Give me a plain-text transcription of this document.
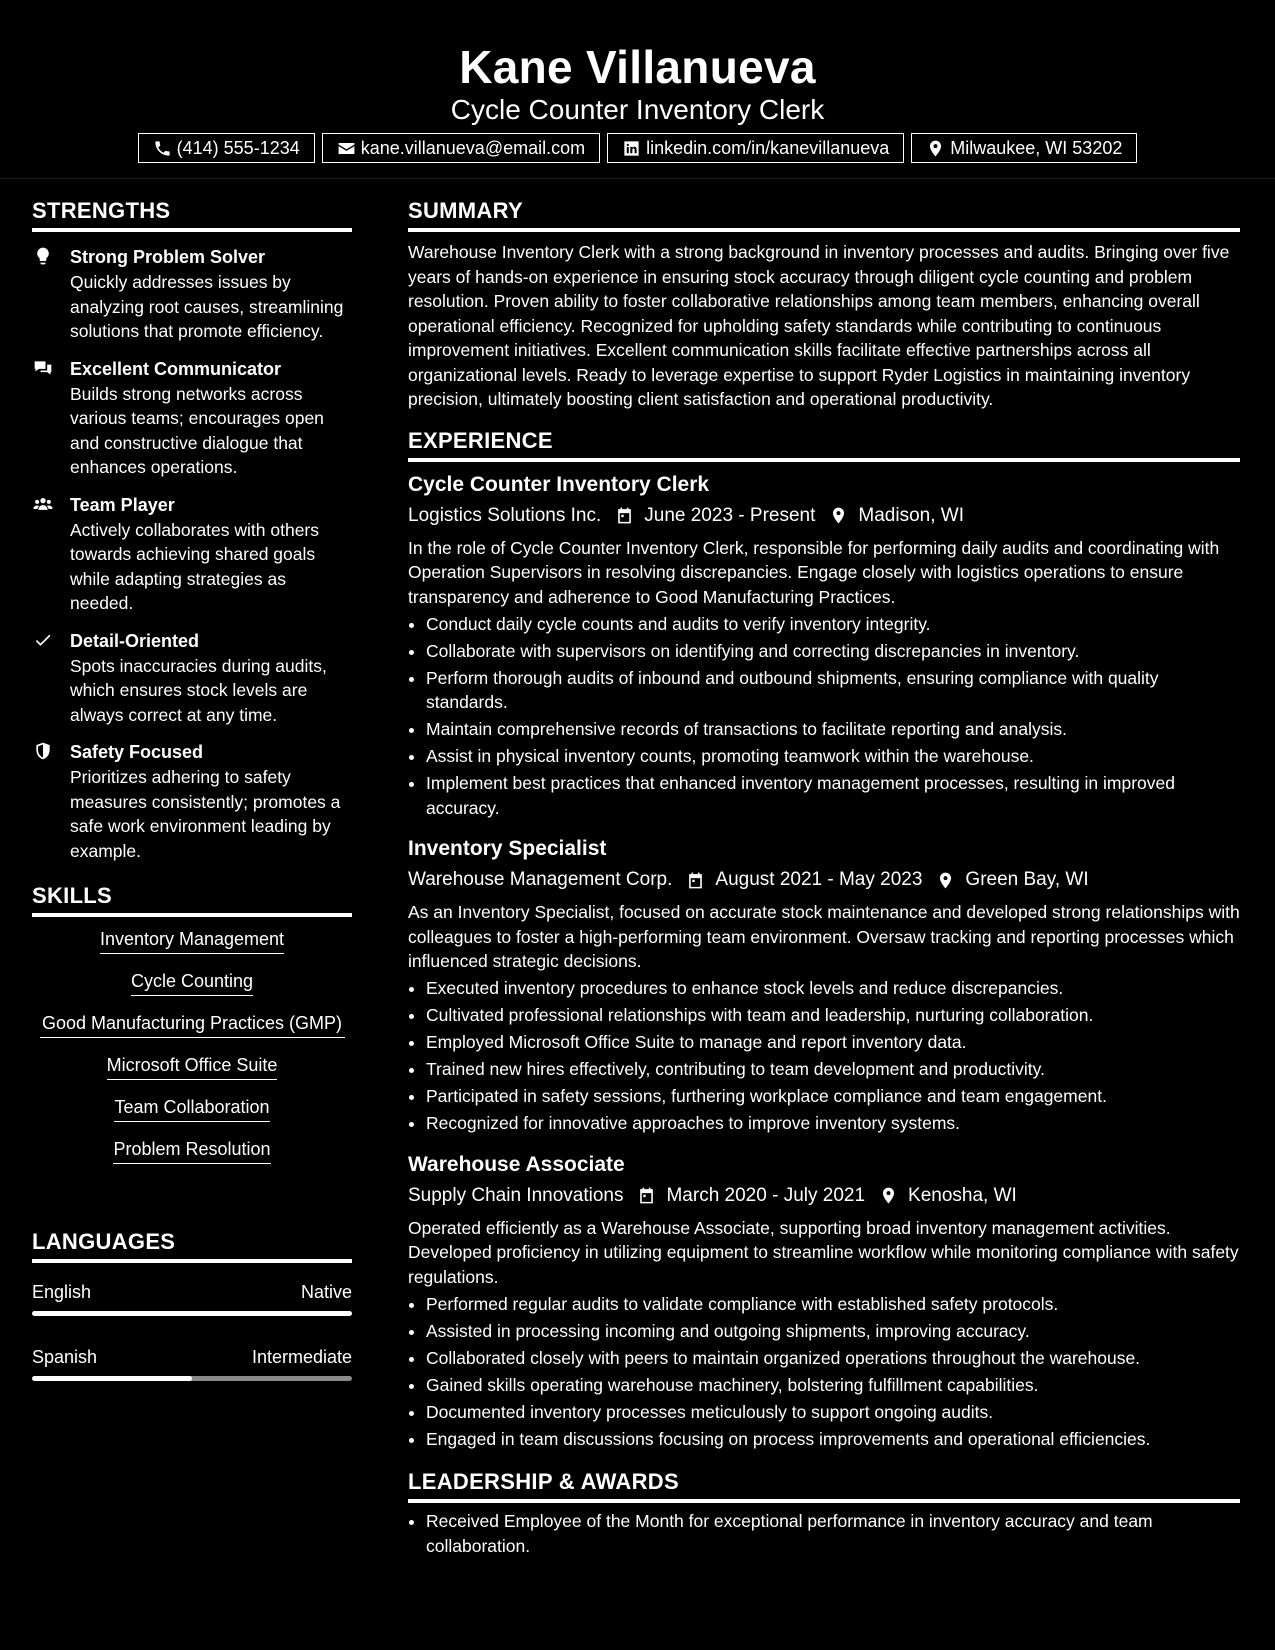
Kane Villanueva
Cycle Counter Inventory Clerk
(414) 555-1234	kane.villanueva@email.com	linkedin.com/in/kanevillanueva	Milwaukee, WI 53202
STRENGTHS
Strong Problem Solver
Quickly addresses issues by analyzing root causes, streamlining solutions that promote efficiency.
Excellent Communicator
Builds strong networks across various teams; encourages open and constructive dialogue that enhances operations.
Team Player
Actively collaborates with others towards achieving shared goals while adapting strategies as needed.
Detail-Oriented
Spots inaccuracies during audits, which ensures stock levels are always correct at any time.
Safety Focused
Prioritizes adhering to safety measures consistently; promotes a safe work environment leading by example.
SKILLS
Inventory Management
Cycle Counting
Good Manufacturing Practices (GMP)
Microsoft Office Suite
Team Collaboration
Problem Resolution
LANGUAGES
English	Native
Spanish	Intermediate
SUMMARY
Warehouse Inventory Clerk with a strong background in inventory processes and audits. Bringing over five years of hands-on experience in ensuring stock accuracy through diligent cycle counting and problem resolution. Proven ability to foster collaborative relationships among team members, enhancing overall operational efficiency. Recognized for upholding safety standards while contributing to continuous improvement initiatives. Excellent communication skills facilitate effective partnerships across all organizational levels. Ready to leverage expertise to support Ryder Logistics in maintaining inventory precision, ultimately boosting client satisfaction and operational productivity.
EXPERIENCE
Cycle Counter Inventory Clerk
Logistics Solutions Inc. June 2023 - Present Madison, WI
In the role of Cycle Counter Inventory Clerk, responsible for performing daily audits and coordinating with Operation Supervisors in resolving discrepancies. Engage closely with logistics operations to ensure transparency and adherence to Good Manufacturing Practices.
• Conduct daily cycle counts and audits to verify inventory integrity.
• Collaborate with supervisors on identifying and correcting discrepancies in inventory.
• Perform thorough audits of inbound and outbound shipments, ensuring compliance with quality standards.
• Maintain comprehensive records of transactions to facilitate reporting and analysis.
• Assist in physical inventory counts, promoting teamwork within the warehouse.
• Implement best practices that enhanced inventory management processes, resulting in improved accuracy.
Inventory Specialist
Warehouse Management Corp. August 2021 - May 2023 Green Bay, WI
As an Inventory Specialist, focused on accurate stock maintenance and developed strong relationships with colleagues to foster a high-performing team environment. Oversaw tracking and reporting processes which influenced strategic decisions.
• Executed inventory procedures to enhance stock levels and reduce discrepancies.
• Cultivated professional relationships with team and leadership, nurturing collaboration.
• Employed Microsoft Office Suite to manage and report inventory data.
• Trained new hires effectively, contributing to team development and productivity.
• Participated in safety sessions, furthering workplace compliance and team engagement.
• Recognized for innovative approaches to improve inventory systems.
Warehouse Associate
Supply Chain Innovations March 2020 - July 2021 Kenosha, WI
Operated efficiently as a Warehouse Associate, supporting broad inventory management activities. Developed proficiency in utilizing equipment to streamline workflow while monitoring compliance with safety regulations.
• Performed regular audits to validate compliance with established safety protocols.
• Assisted in processing incoming and outgoing shipments, improving accuracy.
• Collaborated closely with peers to maintain organized operations throughout the warehouse.
• Gained skills operating warehouse machinery, bolstering fulfillment capabilities.
• Documented inventory processes meticulously to support ongoing audits.
• Engaged in team discussions focusing on process improvements and operational efficiencies.
LEADERSHIP & AWARDS
• Received Employee of the Month for exceptional performance in inventory accuracy and team collaboration.
